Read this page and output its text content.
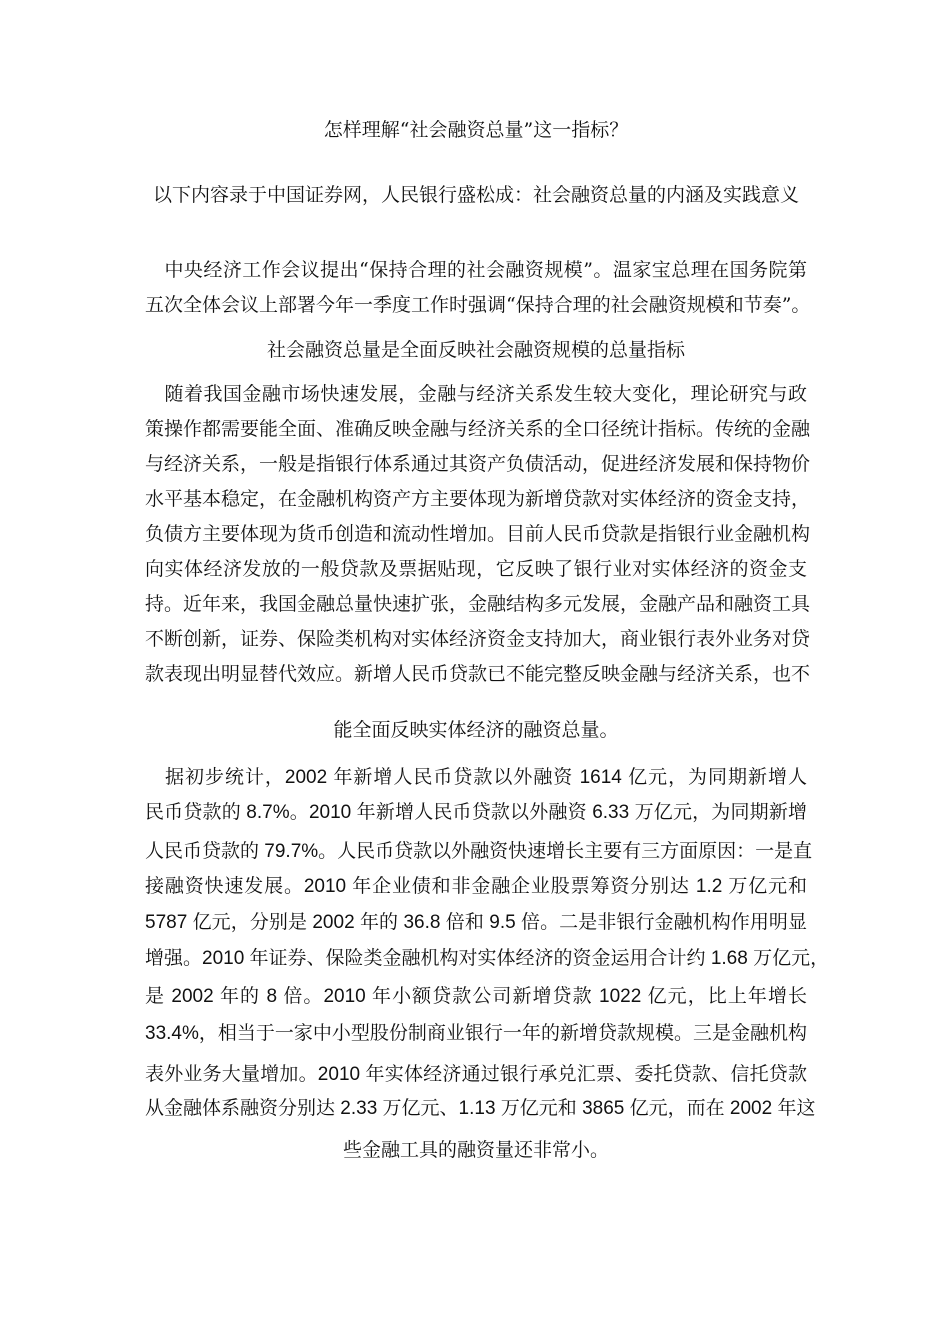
怎样理解“社会融资总量”这一指标？
以下内容录于中国证券网，人民银行盛松成：社会融资总量的内涵及实践意义
　中央经济工作会议提出“保持合理的社会融资规模”。温家宝总理在国务院第
五次全体会议上部署今年一季度工作时强调“保持合理的社会融资规模和节奏”。
社会融资总量是全面反映社会融资规模的总量指标
　随着我国金融市场快速发展，金融与经济关系发生较大变化，理论研究与政
策操作都需要能全面、准确反映金融与经济关系的全口径统计指标。传统的金融
与经济关系，一般是指银行体系通过其资产负债活动，促进经济发展和保持物价
水平基本稳定，在金融机构资产方主要体现为新增贷款对实体经济的资金支持，
负债方主要体现为货币创造和流动性增加。目前人民币贷款是指银行业金融机构
向实体经济发放的一般贷款及票据贴现，它反映了银行业对实体经济的资金支
持。近年来，我国金融总量快速扩张，金融结构多元发展，金融产品和融资工具
不断创新，证券、保险类机构对实体经济资金支持加大，商业银行表外业务对贷
款表现出明显替代效应。新增人民币贷款已不能完整反映金融与经济关系，也不
能全面反映实体经济的融资总量。
　据初步统计，2002 年新增人民币贷款以外融资 1614 亿元，为同期新增人
民币贷款的 8.7%。2010 年新增人民币贷款以外融资 6.33 万亿元，为同期新增
人民币贷款的 79.7%。人民币贷款以外融资快速增长主要有三方面原因：一是直
接融资快速发展。2010 年企业债和非金融企业股票筹资分别达 1.2 万亿元和
5787 亿元，分别是 2002 年的 36.8 倍和 9.5 倍。二是非银行金融机构作用明显
增强。2010 年证券、保险类金融机构对实体经济的资金运用合计约 1.68 万亿元，
是 2002 年的 8 倍。2010 年小额贷款公司新增贷款 1022 亿元，比上年增长
33.4%，相当于一家中小型股份制商业银行一年的新增贷款规模。三是金融机构
表外业务大量增加。2010 年实体经济通过银行承兑汇票、委托贷款、信托贷款
从金融体系融资分别达 2.33 万亿元、1.13 万亿元和 3865 亿元，而在 2002 年这
些金融工具的融资量还非常小。
